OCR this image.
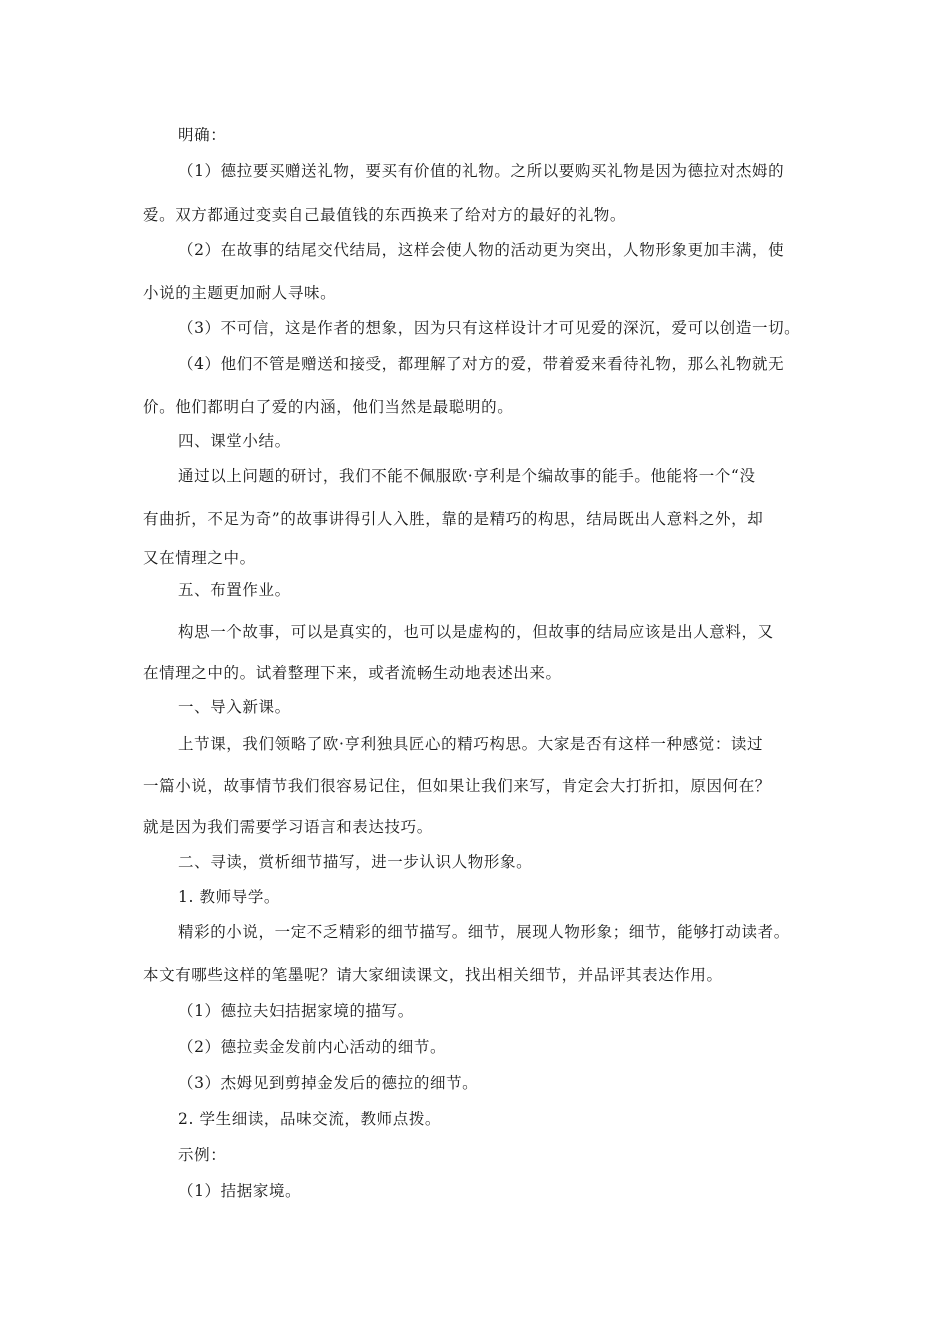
明确：
（1）德拉要买赠送礼物，要买有价值的礼物。之所以要购买礼物是因为德拉对杰姆的
爱。双方都通过变卖自己最值钱的东西换来了给对方的最好的礼物。
（2）在故事的结尾交代结局，这样会使人物的活动更为突出，人物形象更加丰满，使
小说的主题更加耐人寻味。
（3）不可信，这是作者的想象，因为只有这样设计才可见爱的深沉，爱可以创造一切。
（4）他们不管是赠送和接受，都理解了对方的爱，带着爱来看待礼物，那么礼物就无
价。他们都明白了爱的内涵，他们当然是最聪明的。
四、课堂小结。
通过以上问题的研讨，我们不能不佩服欧·亨利是个编故事的能手。他能将一个“没
有曲折，不足为奇”的故事讲得引人入胜，靠的是精巧的构思，结局既出人意料之外，却
又在情理之中。
五、布置作业。
构思一个故事，可以是真实的，也可以是虚构的，但故事的结局应该是出人意料，又
在情理之中的。试着整理下来，或者流畅生动地表述出来。
一、导入新课。
上节课，我们领略了欧·亨利独具匠心的精巧构思。大家是否有这样一种感觉：读过
一篇小说，故事情节我们很容易记住，但如果让我们来写，肯定会大打折扣，原因何在？
就是因为我们需要学习语言和表达技巧。
二、寻读，赏析细节描写，进一步认识人物形象。
1. 教师导学。
精彩的小说，一定不乏精彩的细节描写。细节，展现人物形象；细节，能够打动读者。
本文有哪些这样的笔墨呢？请大家细读课文，找出相关细节，并品评其表达作用。
（1）德拉夫妇拮据家境的描写。
（2）德拉卖金发前内心活动的细节。
（3）杰姆见到剪掉金发后的德拉的细节。
2. 学生细读，品味交流，教师点拨。
示例：
（1）拮据家境。
